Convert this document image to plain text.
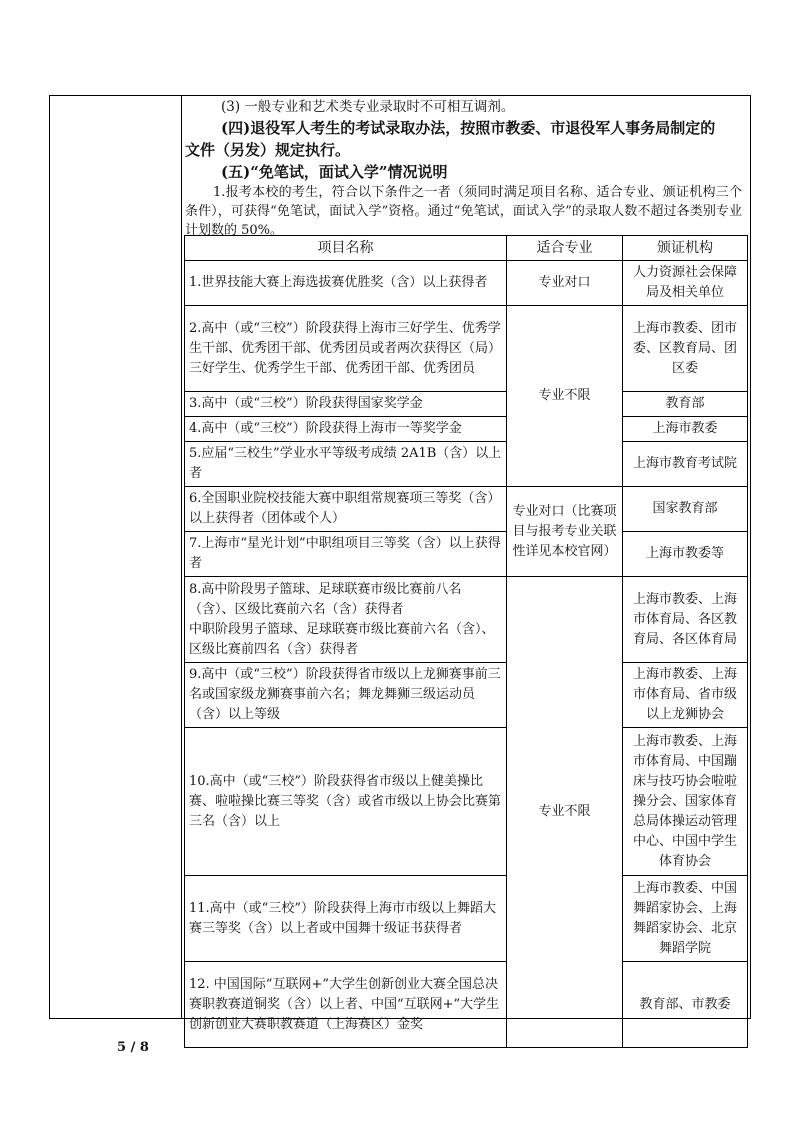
(3) 一般专业和艺术类专业录取时不可相互调剂。
(四)退役军人考生的考试录取办法，按照市教委、市退役军人事务局制定的
文件（另发）规定执行。
(五)“免笔试，面试入学”情况说明
1.报考本校的考生，符合以下条件之一者（须同时满足项目名称、适合专业、颁证机构三个条件），可获得“免笔试，面试入学”资格。通过“免笔试，面试入学”的录取人数不超过各类别专业计划数的 50%。
项目名称	适合专业	颁证机构
1.世界技能大赛上海选拔赛优胜奖（含）以上获得者	专业对口	人力资源社会保障局及相关单位
2.高中（或“三校”）阶段获得上海市三好学生、优秀学生干部、优秀团干部、优秀团员或者两次获得区（局）三好学生、优秀学生干部、优秀团干部、优秀团员	专业不限	上海市教委、团市委、区教育局、团区委
3.高中（或“三校”）阶段获得国家奖学金		教育部
4.高中（或“三校”）阶段获得上海市一等奖学金		上海市教委
5.应届“三校生”学业水平等级考成绩 2A1B（含）以上者		上海市教育考试院
6.全国职业院校技能大赛中职组常规赛项三等奖（含）以上获得者（团体或个人）	专业对口（比赛项目与报考专业关联性详见本校官网）	国家教育部
7.上海市“星光计划”中职组项目三等奖（含）以上获得者		上海市教委等

8.高中阶段男子篮球、足球联赛市级比赛前八名（含）、区级比赛前六名（含）获得者
中职阶段男子篮球、足球联赛市级比赛前六名（含）、区级比赛前四名（含）获得者	专业不限	上海市教委、上海市体育局、各区教育局、各区体育局
9.高中（或“三校”）阶段获得省市级以上龙狮赛事前三名或国家级龙狮赛事前六名；舞龙舞狮三级运动员（含）以上等级		上海市教委、上海市体育局、省市级以上龙狮协会
10.高中（或“三校”）阶段获得省市级以上健美操比赛、啦啦操比赛三等奖（含）或省市级以上协会比赛第三名（含）以上		上海市教委、上海市体育局、中国蹦床与技巧协会啦啦操分会、国家体育总局体操运动管理中心、中国中学生体育协会
11.高中（或“三校”）阶段获得上海市市级以上舞蹈大赛三等奖（含）以上者或中国舞十级证书获得者		上海市教委、中国舞蹈家协会、上海舞蹈家协会、北京舞蹈学院
12. 中国国际“互联网+”大学生创新创业大赛全国总决赛职教赛道铜奖（含）以上者、中国“互联网+”大学生创新创业大赛职教赛道（上海赛区）金奖		教育部、市教委
5 / 8
